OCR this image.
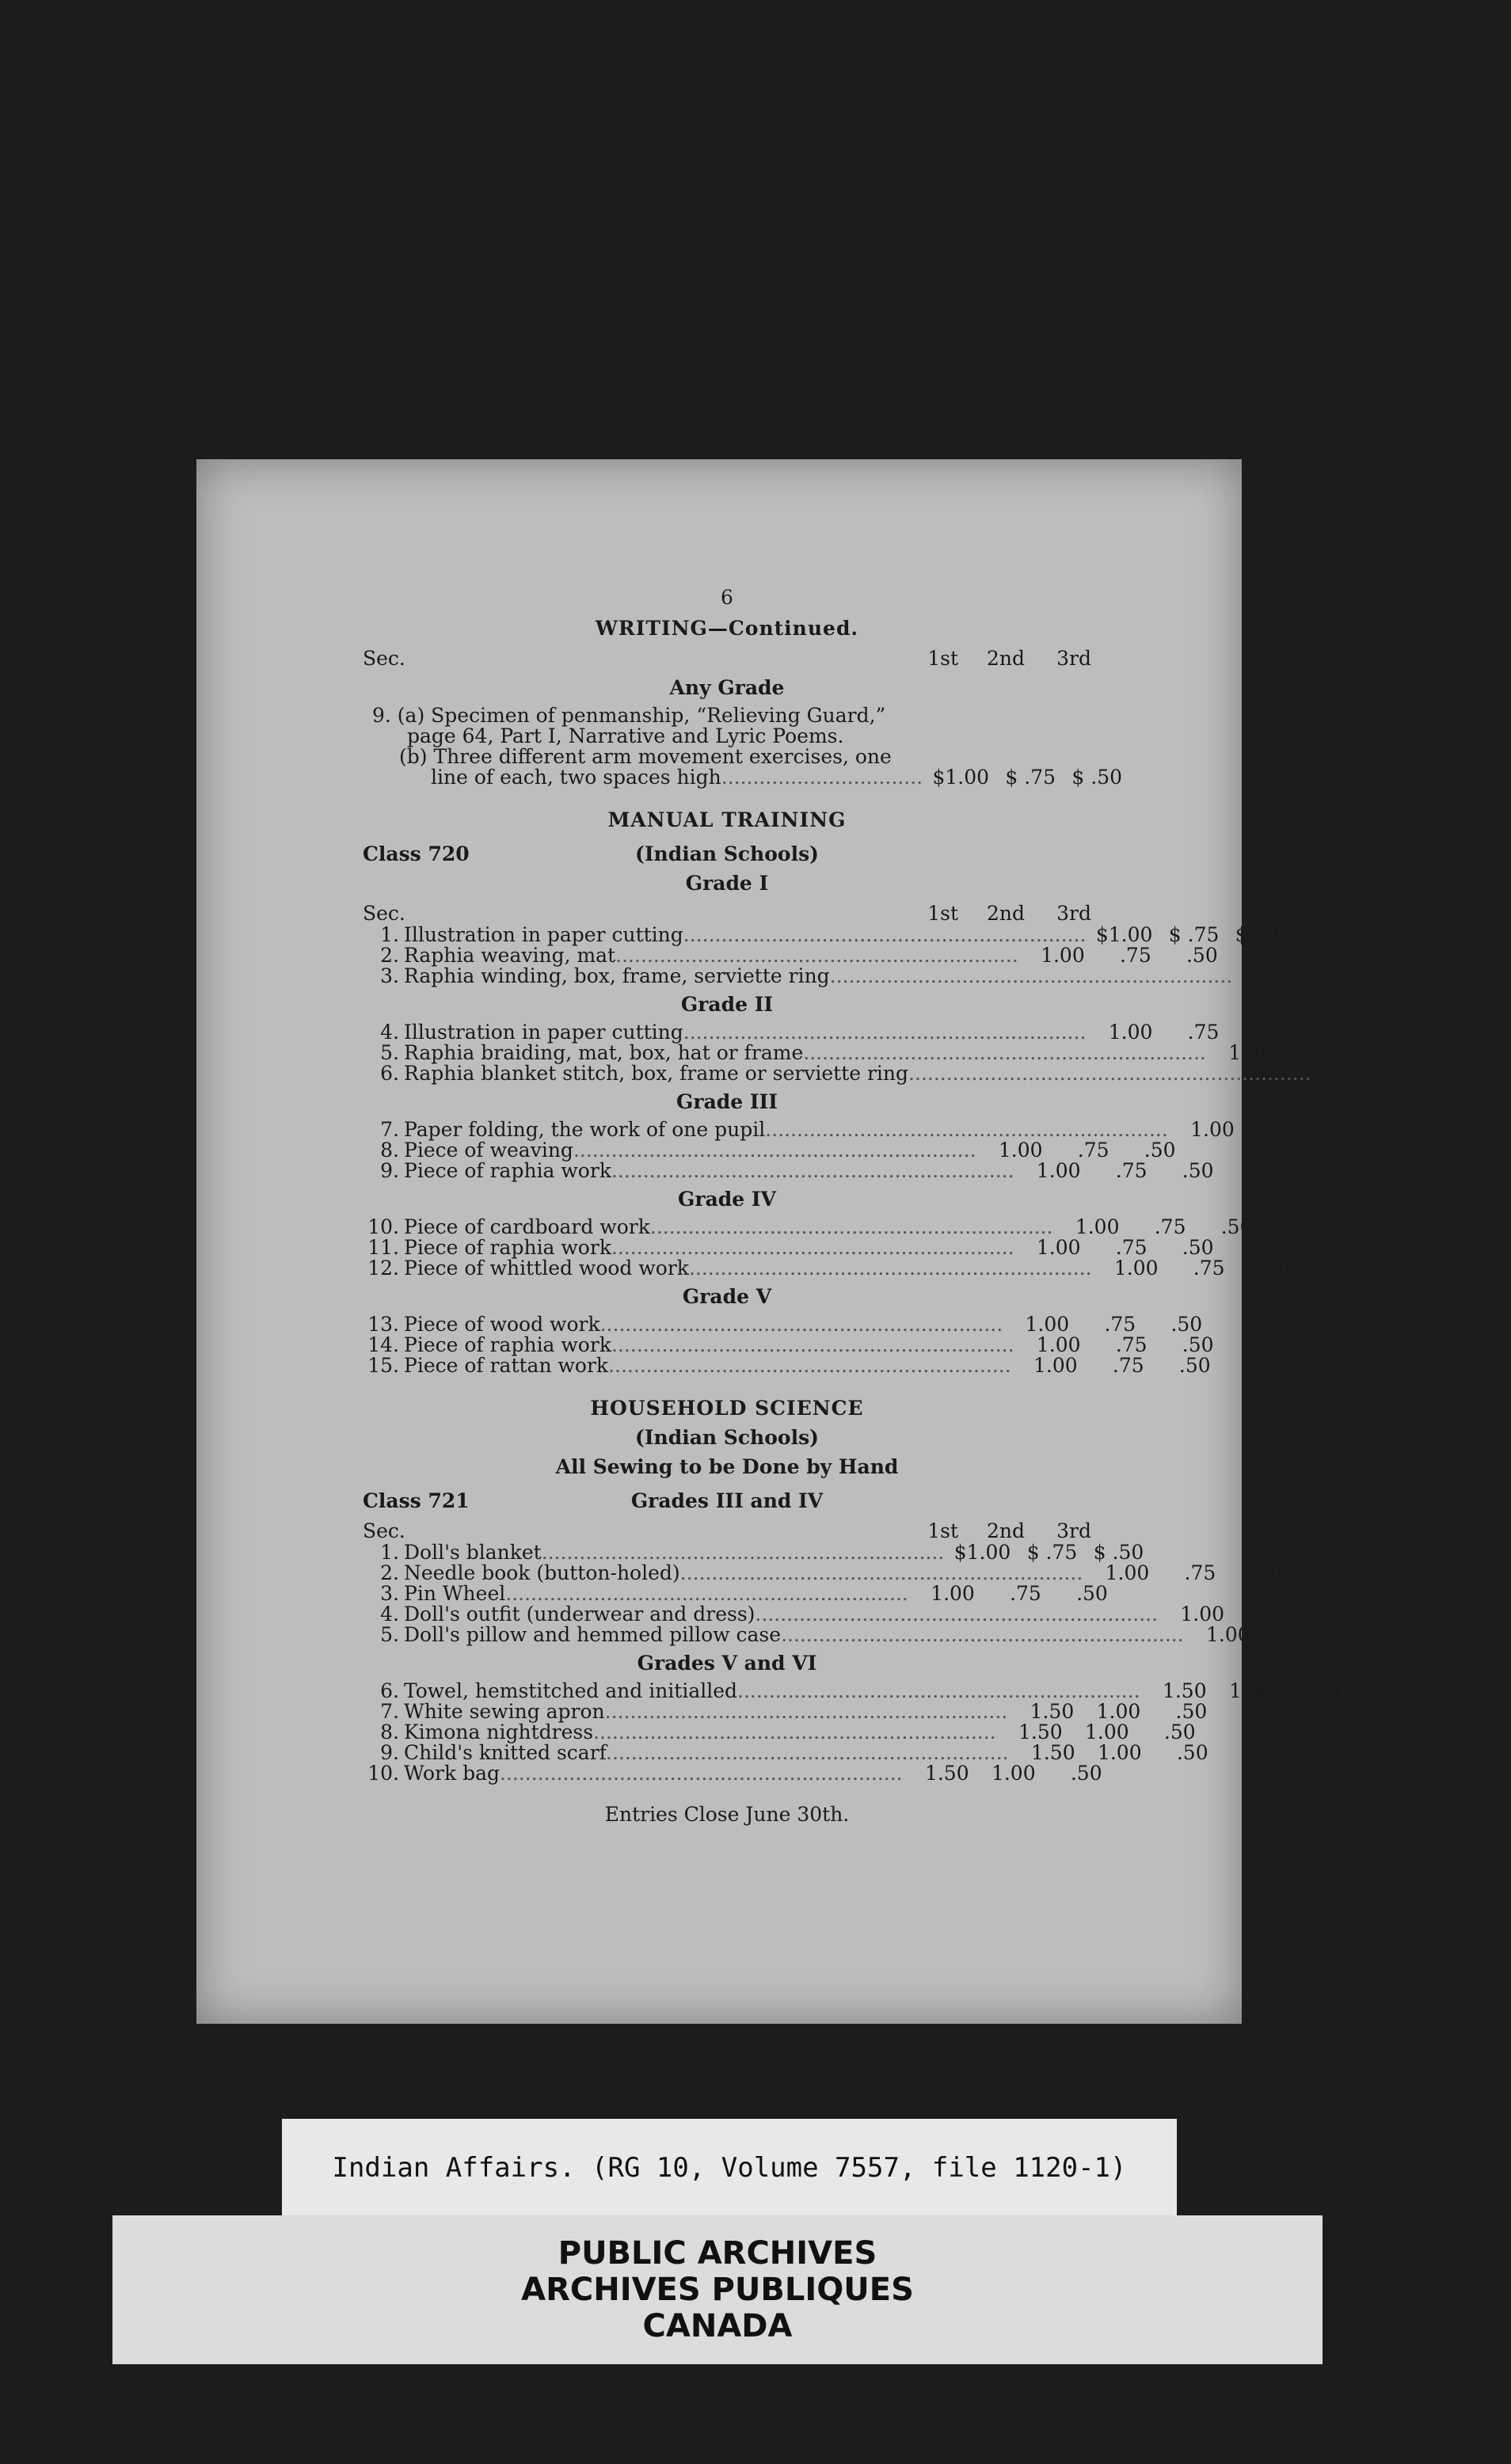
6
WRITING—Continued.
Sec.	1st	2nd	3rd
Any Grade
9. (a) Specimen of penmanship, “Relieving Guard,”
page 64, Part I, Narrative and Lyric Poems.
(b) Three different arm movement exercises, one
line of each, two spaces high................................ $1.00 $ .75 $ .50
MANUAL TRAINING
Class 720	(Indian Schools)
Grade I
Sec.	1st	2nd	3rd
1. Illustration in paper cutting................................................................ $1.00 $ .75 $ .50
2. Raphia weaving, mat................................................................	1.00	.75	.50
3. Raphia winding, box, frame, serviette ring................................................................	1.00	.75	.50
Grade II
4. Illustration in paper cutting................................................................	1.00	.75	.50
5. Raphia braiding, mat, box, hat or frame................................................................	1.00	.75	.50
6. Raphia blanket stitch, box, frame or serviette ring................................................................	1.00	.75	.50
Grade III
7. Paper folding, the work of one pupil................................................................	1.00	.75	.50
8. Piece of weaving................................................................	1.00	.75	.50
9. Piece of raphia work................................................................	1.00	.75	.50
Grade IV
10. Piece of cardboard work................................................................	1.00	.75	.50
11. Piece of raphia work................................................................	1.00	.75	.50
12. Piece of whittled wood work................................................................	1.00	.75	.50
Grade V
13. Piece of wood work................................................................	1.00	.75	.50
14. Piece of raphia work................................................................	1.00	.75	.50
15. Piece of rattan work................................................................	1.00	.75	.50
HOUSEHOLD SCIENCE
(Indian Schools)
All Sewing to be Done by Hand
Class 721	Grades III and IV
Sec.	1st	2nd	3rd
1. Doll's blanket................................................................ $1.00 $ .75 $ .50
2. Needle book (button-holed)................................................................	1.00	.75	.50
3. Pin Wheel................................................................	1.00	.75	.50
4. Doll's outfit (underwear and dress)................................................................	1.00	.75	.50
5. Doll's pillow and hemmed pillow case................................................................	1.00	.75	.50
Grades V and VI
6. Towel, hemstitched and initialled................................................................	1.50	1.00	.50
7. White sewing apron................................................................	1.50	1.00	.50
8. Kimona nightdress................................................................	1.50	1.00	.50
9. Child's knitted scarf................................................................	1.50	1.00	.50
10. Work bag................................................................	1.50	1.00	.50
Entries Close June 30th.
Indian Affairs. (RG 10, Volume 7557, file 1120-1)
PUBLIC ARCHIVES
ARCHIVES PUBLIQUES
CANADA
